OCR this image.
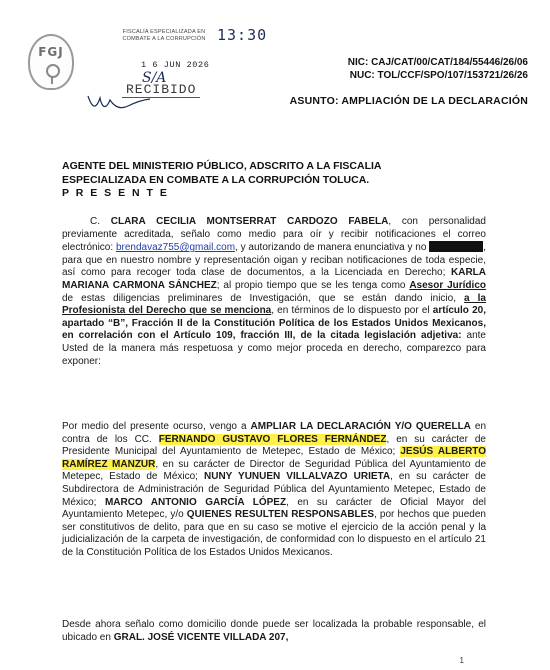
FGJ
FISCALÍA ESPECIALIZADA EN COMBATE A LA CORRUPCIÓN 13:30
1 6 JUN 2026
S/A
RECIBIDO
NIC: CAJ/CAT/00/CAT/184/55446/26/06
NUC: TOL/CCF/SPO/107/153721/26/26
ASUNTO: AMPLIACIÓN DE LA DECLARACIÓN
AGENTE DEL MINISTERIO PÚBLICO, ADSCRITO A LA FISCALIA
ESPECIALIZADA EN COMBATE A LA CORRUPCIÓN TOLUCA.
P R E S E N T E
C. CLARA CECILIA MONTSERRAT CARDOZO FABELA, con personalidad previamente acreditada, señalo como medio para oír y recibir notificaciones el correo electrónico: brendavaz755@gmail.com, y autorizando de manera enunciativa y no	, para que en nuestro nombre y representación oigan y reciban notificaciones de toda especie, así como para recoger toda clase de documentos, a la Licenciada en Derecho; KARLA MARIANA CARMONA SÁNCHEZ; al propio tiempo que se les tenga como Asesor Jurídico de estas diligencias preliminares de Investigación, que se están dando inicio, a la Profesionista del Derecho que se menciona, en términos de lo dispuesto por el artículo 20, apartado “B”, Fracción II de la Constitución Política de los Estados Unidos Mexicanos, en correlación con el Artículo 109, fracción III, de la citada legislación adjetiva: ante Usted de la manera más respetuosa y como mejor proceda en derecho, comparezco para exponer:
Por medio del presente ocurso, vengo a AMPLIAR LA DECLARACIÓN Y/O QUERELLA en contra de los CC. FERNANDO GUSTAVO FLORES FERNÁNDEZ, en su carácter de Presidente Municipal del Ayuntamiento de Metepec, Estado de México; JESÚS ALBERTO RAMÍREZ MANZUR, en su carácter de Director de Seguridad Pública del Ayuntamiento de Metepec, Estado de México; NUNY YUNUEN VILLALVAZO URIETA, en su carácter de Subdirectora de Administración de Seguridad Pública del Ayuntamiento Metepec, Estado de México; MARCO ANTONIO GARCÍA LÓPEZ, en su carácter de Oficial Mayor del Ayuntamiento Metepec, y/o QUIENES RESULTEN RESPONSABLES, por hechos que pueden ser constitutivos de delito, para que en su caso se motive el ejercicio de la acción penal y la judicialización de la carpeta de investigación, de conformidad con lo dispuesto en el artículo 21 de la Constitución Política de los Estados Unidos Mexicanos.
Desde ahora señalo como domicilio donde puede ser localizada la probable responsable, el ubicado en GRAL. JOSÉ VICENTE VILLADA 207,
1
